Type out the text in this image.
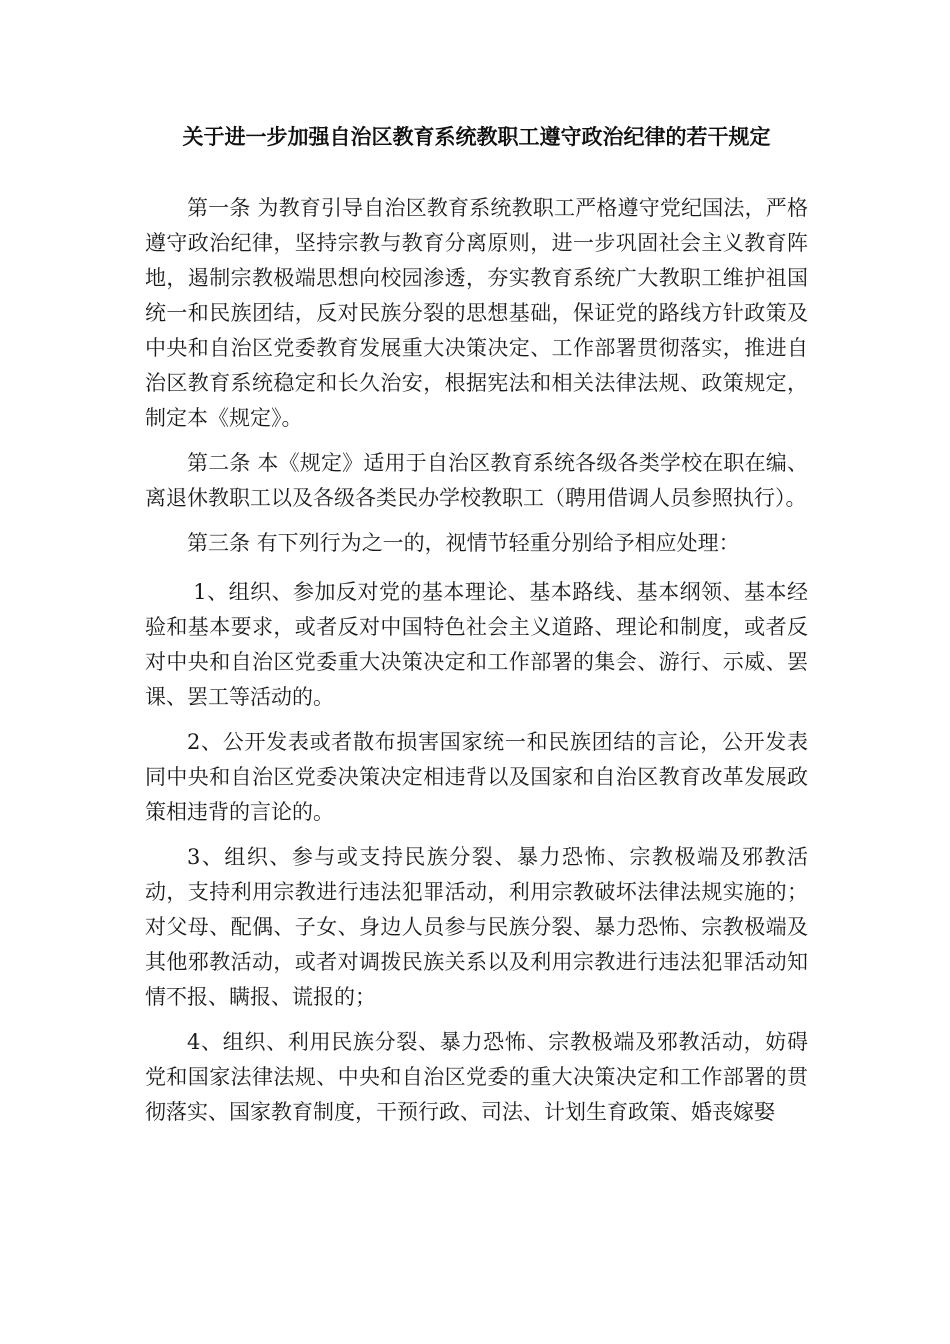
关于进一步加强自治区教育系统教职工遵守政治纪律的若干规定

第一条 为教育引导自治区教育系统教职工严格遵守党纪国法，严格遵守政治纪律，坚持宗教与教育分离原则，进一步巩固社会主义教育阵地，遏制宗教极端思想向校园渗透，夯实教育系统广大教职工维护祖国统一和民族团结，反对民族分裂的思想基础，保证党的路线方针政策及中央和自治区党委教育发展重大决策决定、工作部署贯彻落实，推进自治区教育系统稳定和长久治安，根据宪法和相关法律法规、政策规定，制定本《规定》。

第二条 本《规定》适用于自治区教育系统各级各类学校在职在编、离退休教职工以及各级各类民办学校教职工（聘用借调人员参照执行）。

第三条 有下列行为之一的，视情节轻重分别给予相应处理：

1、组织、参加反对党的基本理论、基本路线、基本纲领、基本经验和基本要求，或者反对中国特色社会主义道路、理论和制度，或者反对中央和自治区党委重大决策决定和工作部署的集会、游行、示威、罢课、罢工等活动的。

2、公开发表或者散布损害国家统一和民族团结的言论，公开发表同中央和自治区党委决策决定相违背以及国家和自治区教育改革发展政策相违背的言论的。

3、组织、参与或支持民族分裂、暴力恐怖、宗教极端及邪教活动，支持利用宗教进行违法犯罪活动，利用宗教破坏法律法规实施的；对父母、配偶、子女、身边人员参与民族分裂、暴力恐怖、宗教极端及其他邪教活动，或者对调拨民族关系以及利用宗教进行违法犯罪活动知情不报、瞒报、谎报的；

4、组织、利用民族分裂、暴力恐怖、宗教极端及邪教活动，妨碍党和国家法律法规、中央和自治区党委的重大决策决定和工作部署的贯彻落实、国家教育制度，干预行政、司法、计划生育政策、婚丧嫁娶
